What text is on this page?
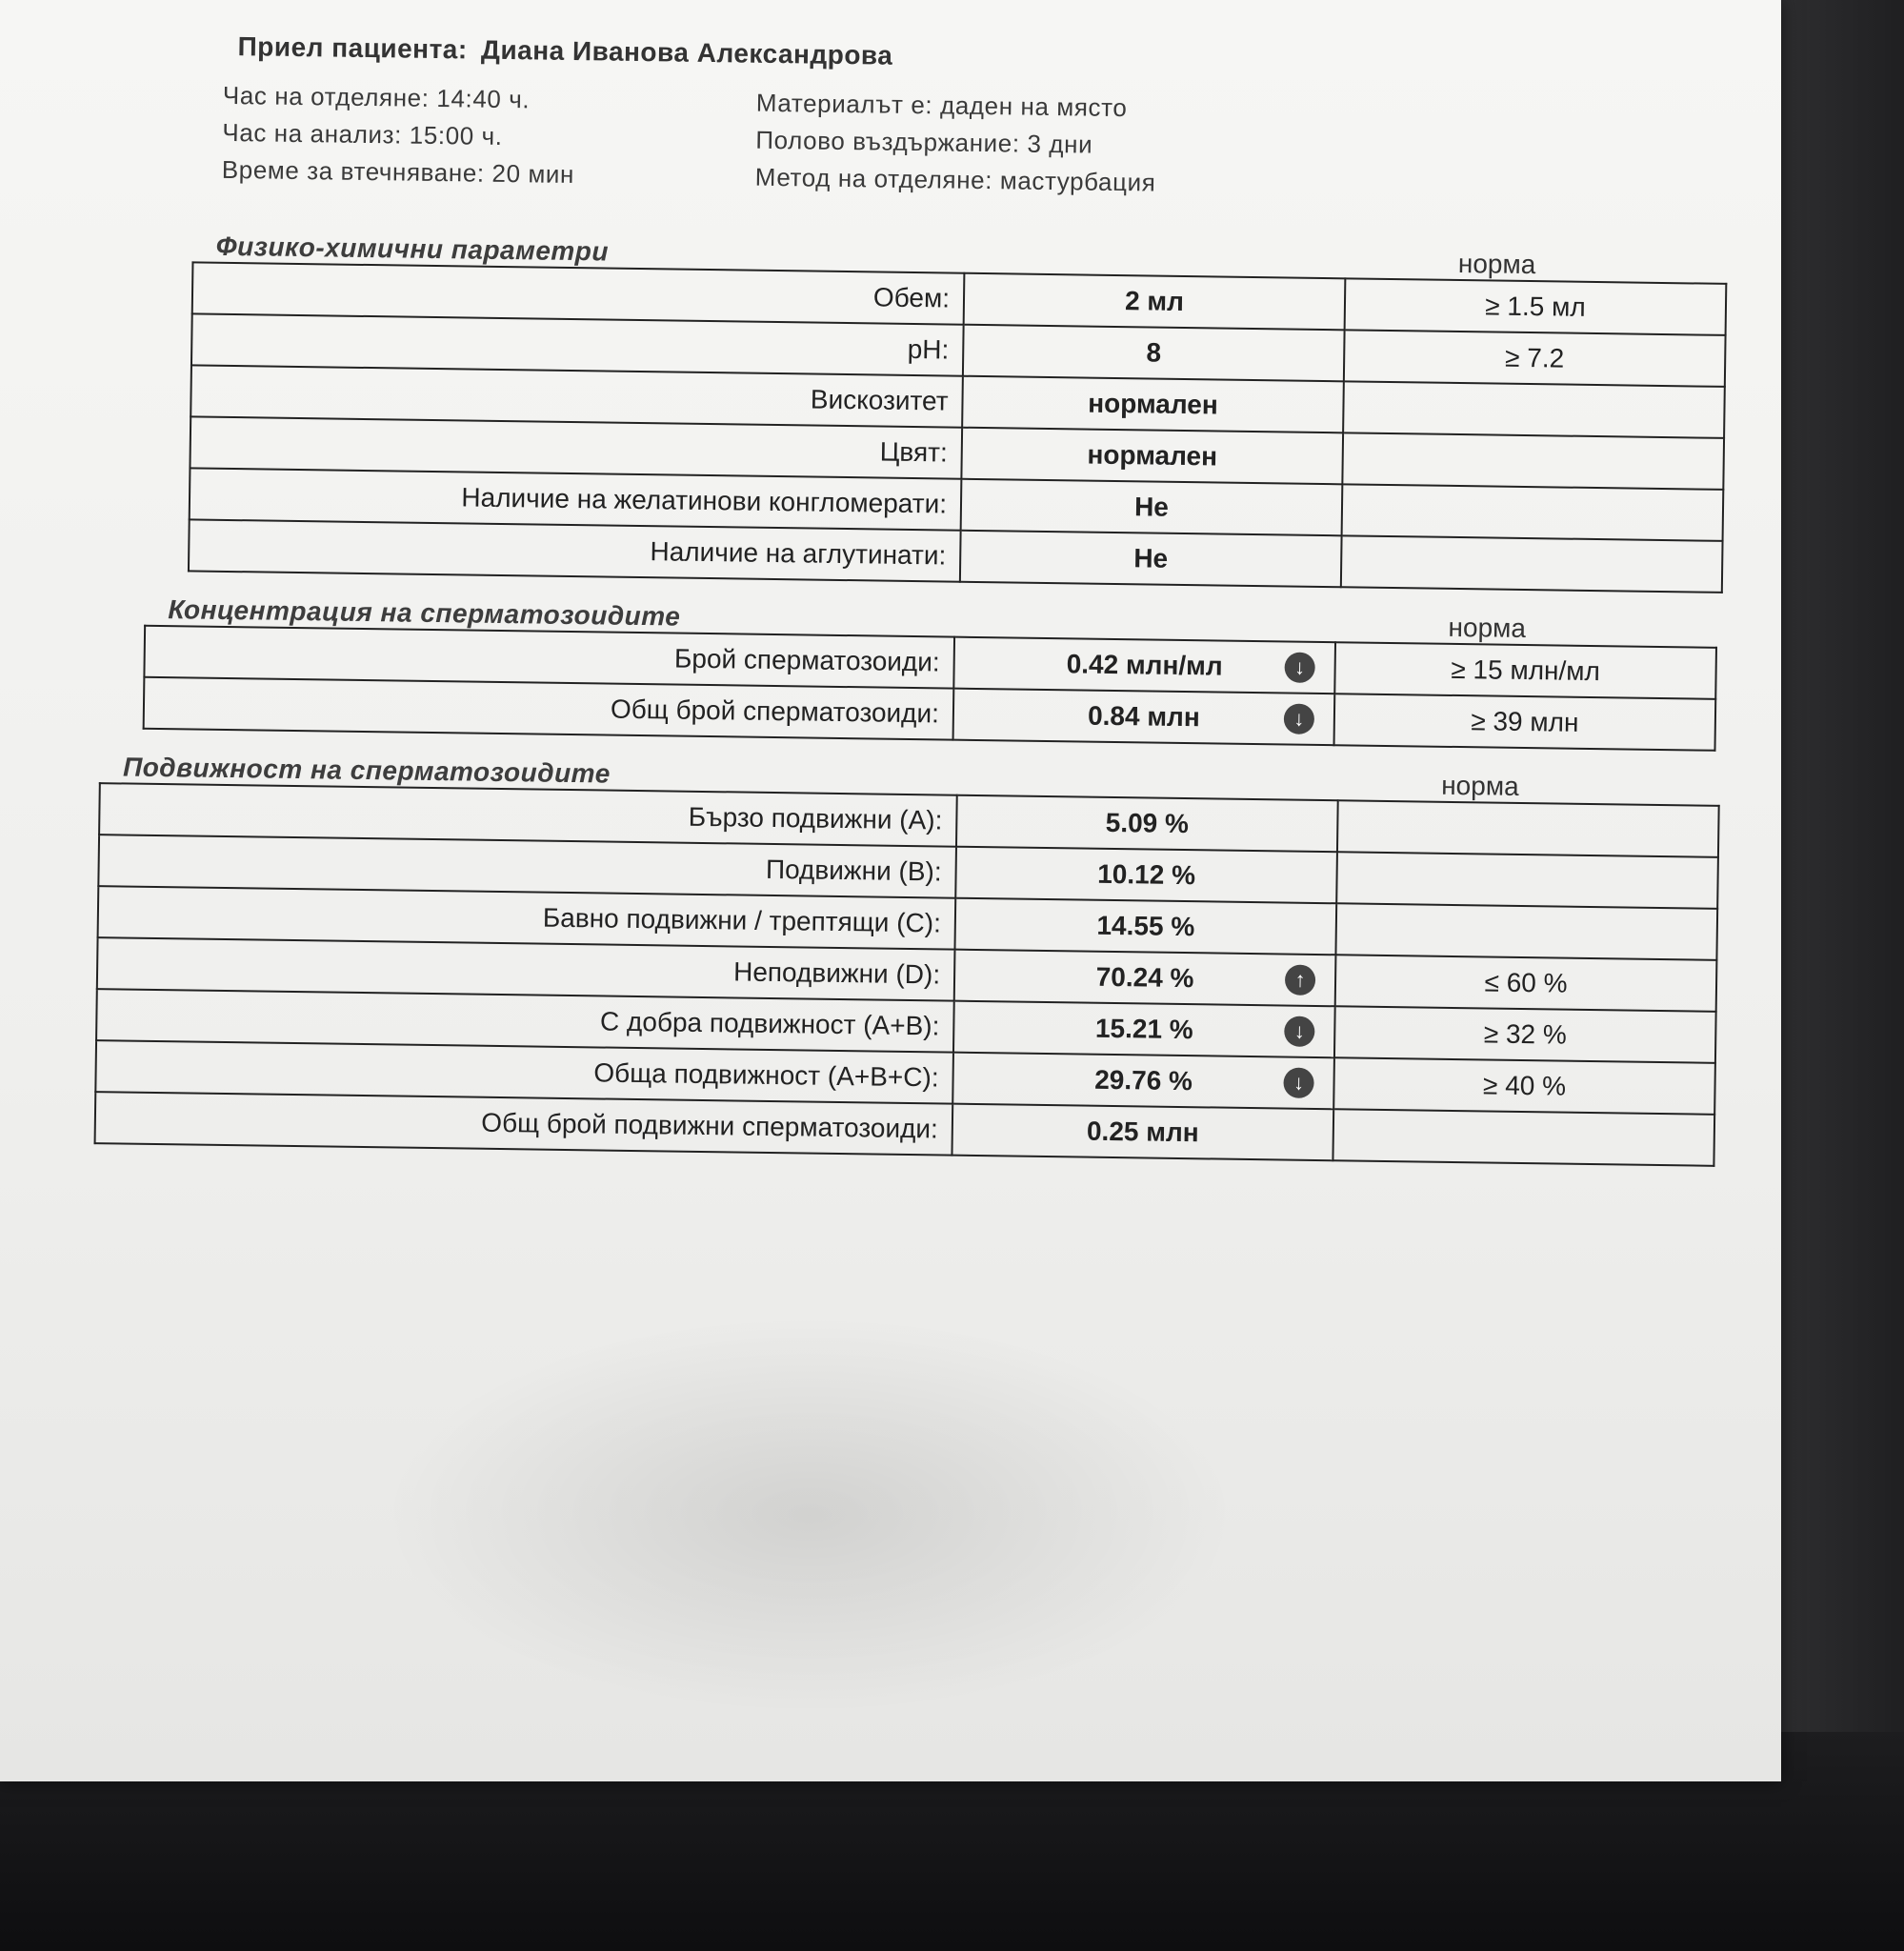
Приел пациента: Диана Иванова Александрова
Час на отделяне: 14:40 ч.
Час на анализ: 15:00 ч.
Време за втечняване: 20 мин
Материалът е: даден на място
Полово въздържание: 3 дни
Метод на отделяне: мастурбация
Физико-химични параметри	норма
Обем:	2 мл	≥ 1.5 мл
pH:	8	≥ 7.2
Вискозитет	нормален	
Цвят:	нормален	
Наличие на желатинови конгломерати:	Не	
Наличие на аглутинати:	Не	
Концентрация на сперматозоидите	норма
Брой сперматозоиди:	0.42 млн/мл ↓	≥ 15 млн/мл
Общ брой сперматозоиди:	0.84 млн ↓	≥ 39 млн
Подвижност на сперматозоидите	норма
Бързо подвижни (A):	5.09 %	
Подвижни (B):	10.12 %	
Бавно подвижни / трептящи (C):	14.55 %	
Неподвижни (D):	70.24 % ↑	≤ 60 %
С добра подвижност (A+B):	15.21 % ↓	≥ 32 %
Обща подвижност (A+B+C):	29.76 % ↓	≥ 40 %
Общ брой подвижни сперматозоиди:	0.25 млн	
